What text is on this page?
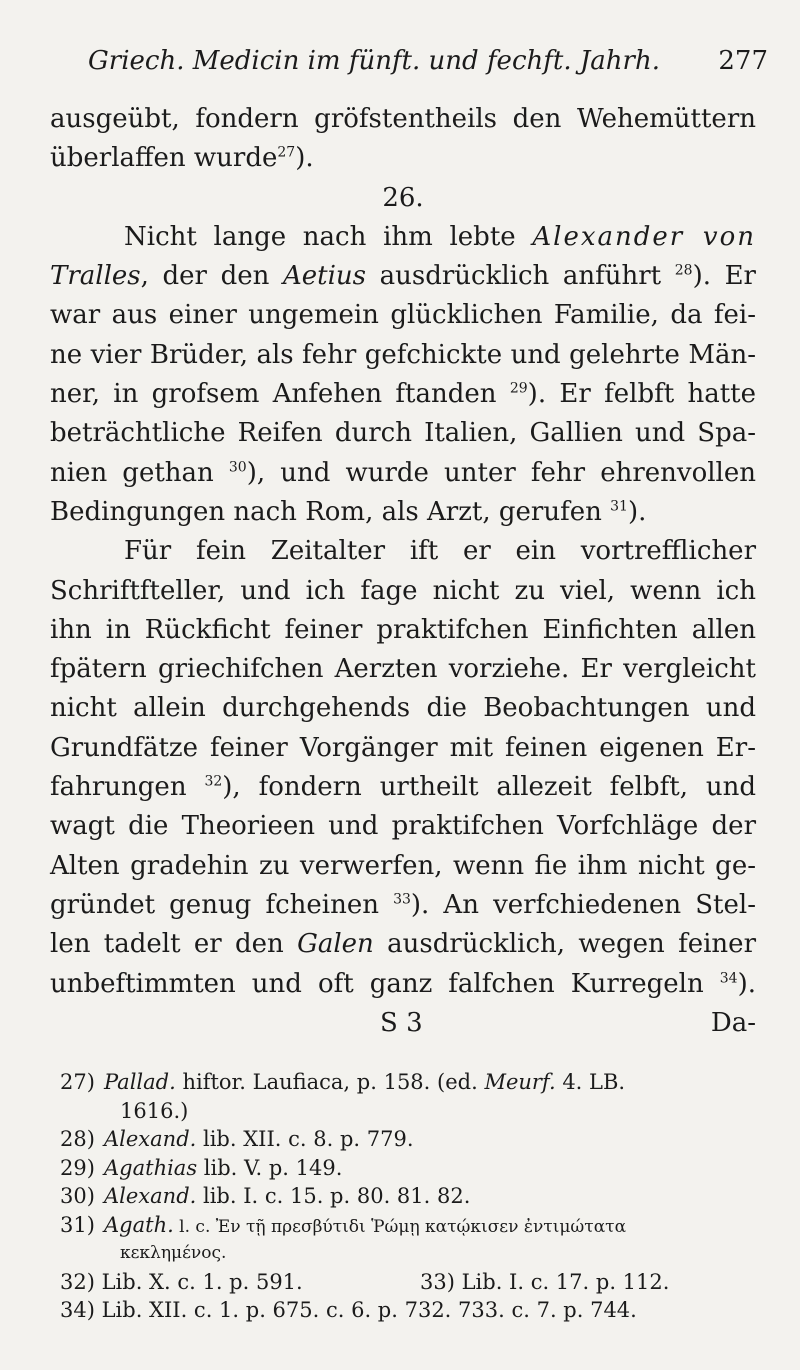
Griech. Medicin im fünft. und fechft. Jahrh. 277
ausgeübt, fondern gröfstentheils den Wehemüttern
überlaffen wurde$^{27}$).
26.
Nicht lange nach ihm lebte Alexander von
Tralles, der den Aetius ausdrücklich anführt $^{28}$). Er
war aus einer ungemein glücklichen Familie, da fei-
ne vier Brüder, als fehr gefchickte und gelehrte Män-
ner, in grofsem Anfehen ftanden $^{29}$). Er felbft hatte
beträchtliche Reifen durch Italien, Gallien und Spa-
nien gethan $^{30}$), und wurde unter fehr ehrenvollen
Bedingungen nach Rom, als Arzt, gerufen $^{31}$).
Für fein Zeitalter ift er ein vortrefflicher
Schriftfteller, und ich fage nicht zu viel, wenn ich
ihn in Rückficht feiner praktifchen Einfichten allen
fpätern griechifchen Aerzten vorziehe. Er vergleicht
nicht allein durchgehends die Beobachtungen und
Grundfätze feiner Vorgänger mit feinen eigenen Er-
fahrungen $^{32}$), fondern urtheilt allezeit felbft, und
wagt die Theorieen und praktifchen Vorfchläge der
Alten gradehin zu verwerfen, wenn fie ihm nicht ge-
gründet genug fcheinen $^{33}$). An verfchiedenen Stel-
len tadelt er den Galen ausdrücklich, wegen feiner
unbeftimmten und oft ganz falfchen Kurregeln $^{34}$).
S 3	Da-
27) Pallad. hiftor. Laufiaca, p. 158. (ed. Meurf. 4. LB.
1616.)
28) Alexand. lib. XII. c. 8. p. 779.
29) Agathias lib. V. p. 149.
30) Alexand. lib. I. c. 15. p. 80. 81. 82.
31) Agath. l. c. Ἐν τῇ πρεσβύτιδι Ῥώμῃ κατῴκισεν ἐντιμώτατα
κεκλημένος.
32) Lib. X. c. 1. p. 591.	33) Lib. I. c. 17. p. 112.
34) Lib. XII. c. 1. p. 675. c. 6. p. 732. 733. c. 7. p. 744.
